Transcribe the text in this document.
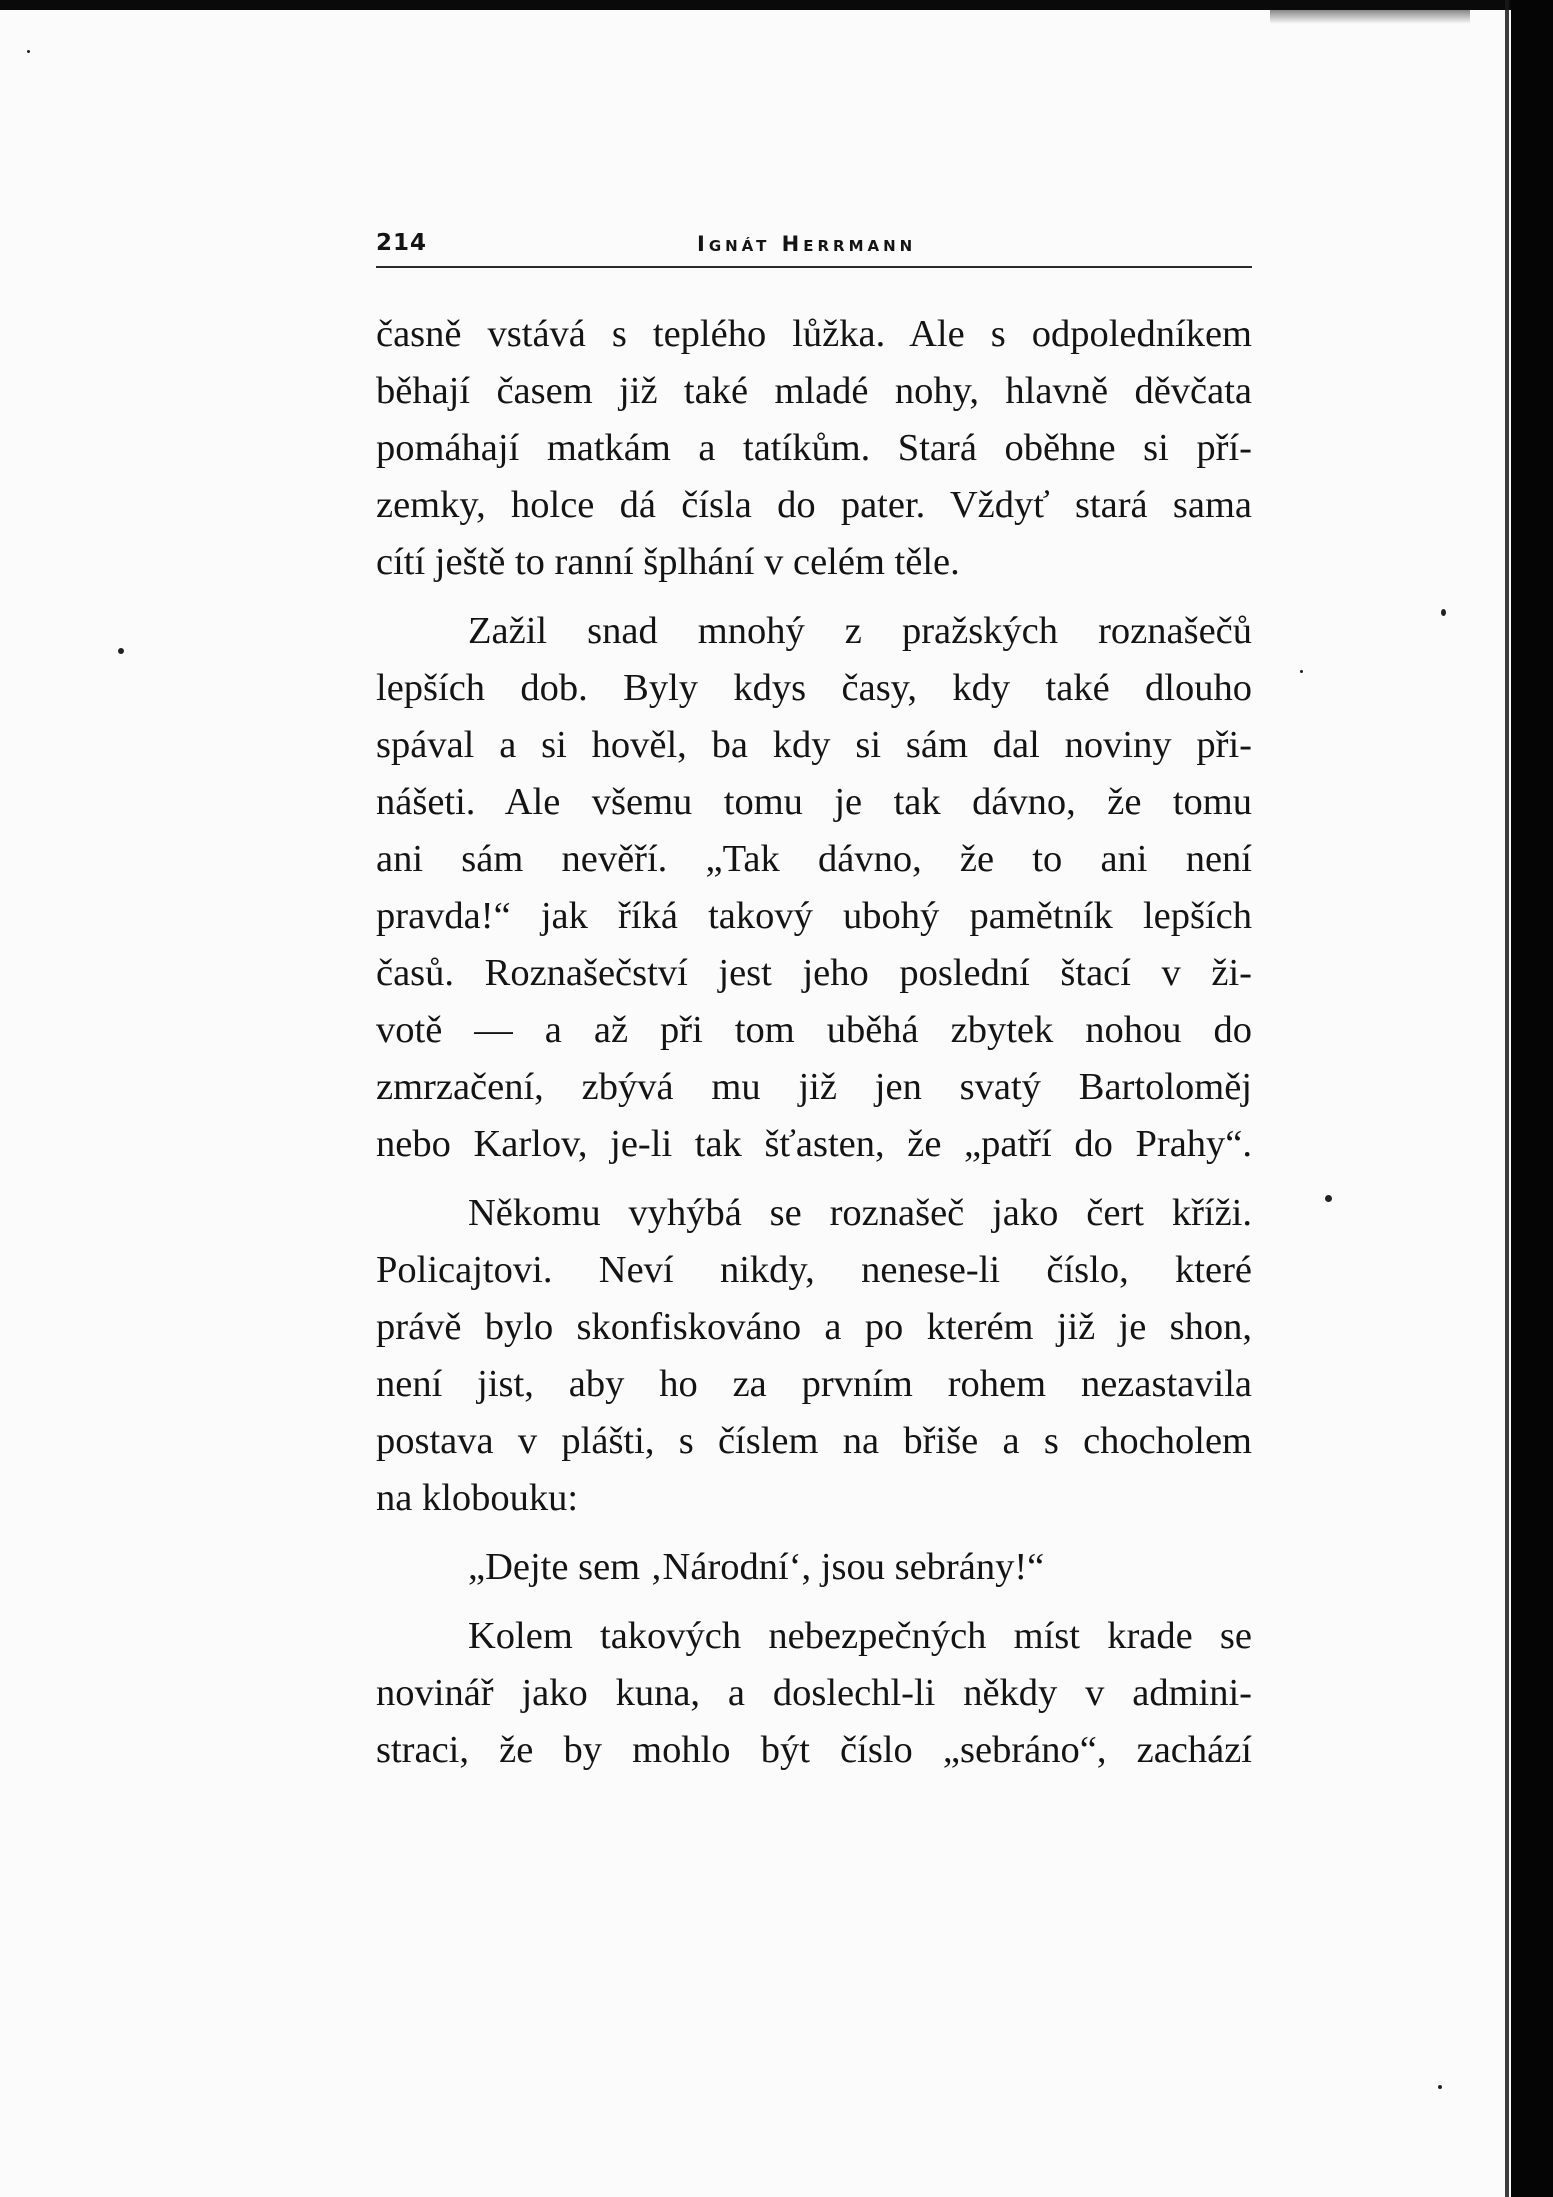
214	Ignát Herrmann
časně vstává s teplého lůžka. Ale s odpoledníkem
běhají časem již také mladé nohy, hlavně děvčata
pomáhají matkám a tatíkům. Stará oběhne si pří-
zemky, holce dá čísla do pater. Vždyť stará sama
cítí ještě to ranní šplhání v celém těle.
Zažil snad mnohý z pražských roznašečů
lepších dob. Byly kdys časy, kdy také dlouho
spával a si hověl, ba kdy si sám dal noviny při-
nášeti. Ale všemu tomu je tak dávno, že tomu
ani sám nevěří. „Tak dávno, že to ani není
pravda!“ jak říká takový ubohý pamětník lepších
časů. Roznašečství jest jeho poslední štací v ži-
votě — a až při tom uběhá zbytek nohou do
zmrzačení, zbývá mu již jen svatý Bartoloměj
nebo Karlov, je-li tak šťasten, že „patří do Prahy“.
Někomu vyhýbá se roznašeč jako čert kříži.
Policajtovi. Neví nikdy, nenese-li číslo, které
právě bylo skonfiskováno a po kterém již je shon,
není jist, aby ho za prvním rohem nezastavila
postava v plášti, s číslem na břiše a s chocholem
na klobouku:
„Dejte sem ‚Národní‘, jsou sebrány!“
Kolem takových nebezpečných míst krade se
novinář jako kuna, a doslechl-li někdy v admini-
straci, že by mohlo být číslo „sebráno“, zachází
